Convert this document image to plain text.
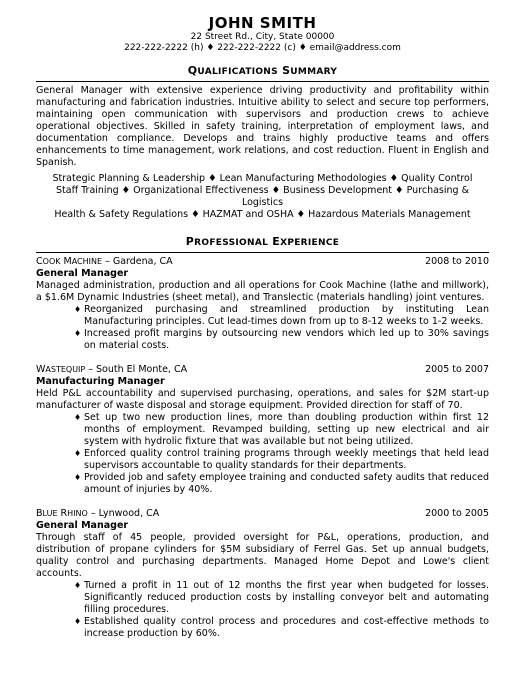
JOHN SMITH
22 Street Rd., City, State 00000
222-222-2222 (h) ♦ 222-222-2222 (c) ♦ email@address.com
QUALIFICATIONS SUMMARY
General Manager with extensive experience driving productivity and profitability within manufacturing and fabrication industries. Intuitive ability to select and secure top performers, maintaining open communication with supervisors and production crews to achieve operational objectives. Skilled in safety training, interpretation of employment laws, and documentation compliance. Develops and trains highly productive teams and offers enhancements to time management, work relations, and cost reduction. Fluent in English and Spanish.
Strategic Planning & Leadership ♦ Lean Manufacturing Methodologies ♦ Quality Control
Staff Training ♦ Organizational Effectiveness ♦ Business Development ♦ Purchasing & Logistics
Health & Safety Regulations ♦ HAZMAT and OSHA ♦ Hazardous Materials Management
PROFESSIONAL EXPERIENCE
COOK MACHINE – Gardena, CA	2008 to 2010
General Manager
Managed administration, production and all operations for Cook Machine (lathe and millwork), a $1.6M Dynamic Industries (sheet metal), and Translectic (materials handling) joint ventures.
♦ Reorganized purchasing and streamlined production by instituting Lean Manufacturing principles. Cut lead-times down from up to 8-12 weeks to 1-2 weeks.
♦ Increased profit margins by outsourcing new vendors which led up to 30% savings on material costs.
WASTEQUIP – South El Monte, CA	2005 to 2007
Manufacturing Manager
Held P&L accountability and supervised purchasing, operations, and sales for $2M start-up manufacturer of waste disposal and storage equipment. Provided direction for staff of 70.
♦ Set up two new production lines, more than doubling production within first 12 months of employment. Revamped building, setting up new electrical and air system with hydrolic fixture that was available but not being utilized.
♦ Enforced quality control training programs through weekly meetings that held lead supervisors accountable to quality standards for their departments.
♦ Provided job and safety employee training and conducted safety audits that reduced amount of injuries by 40%.
BLUE RHINO – Lynwood, CA	2000 to 2005
General Manager
Through staff of 45 people, provided oversight for P&L, operations, production, and distribution of propane cylinders for $5M subsidiary of Ferrel Gas. Set up annual budgets, quality control and purchasing departments. Managed Home Depot and Lowe's client accounts.
♦ Turned a profit in 11 out of 12 months the first year when budgeted for losses. Significantly reduced production costs by installing conveyor belt and automating filling procedures.
♦ Established quality control process and procedures and cost-effective methods to increase production by 60%.
